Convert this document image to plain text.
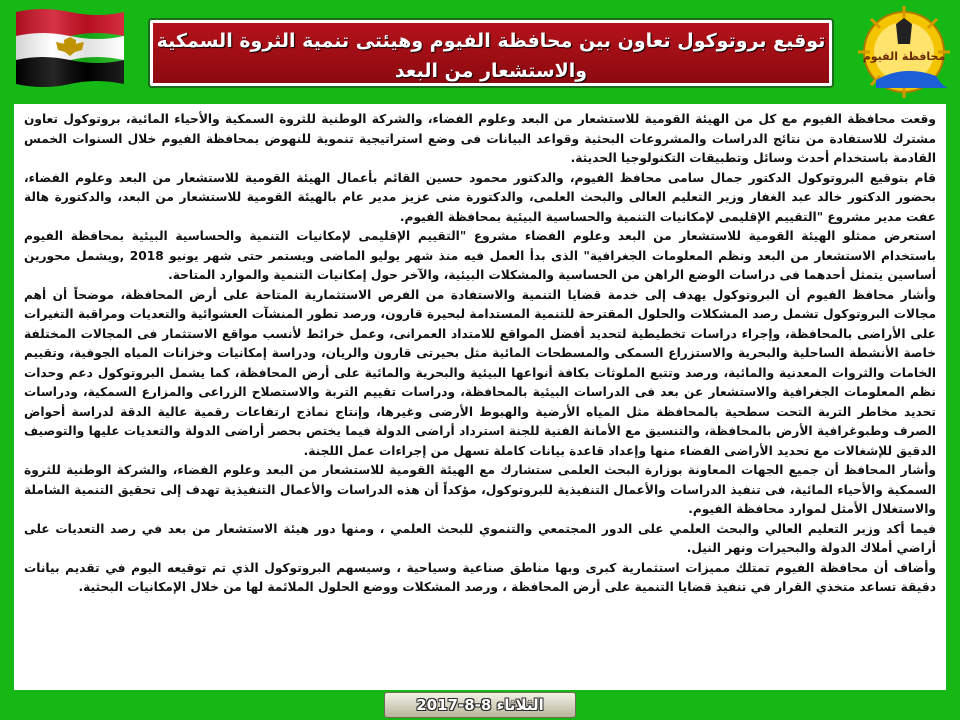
توقيع بروتوكول تعاون بين محافظة الفيوم وهيئتى تنمية الثروة السمكية
والاستشعار من البعد
محافظة الفيوم

وقعت محافظة الفيوم مع كل من الهيئة القومية للاستشعار من البعد وعلوم الفضاء، والشركة الوطنية للثروة السمكية والأحياء المائية، بروتوكول تعاون مشترك للاستفادة من نتائج الدراسات والمشروعات البحثية وقواعد البيانات فى وضع استراتيجية تنموية للنهوض بمحافظة الفيوم خلال السنوات الخمس القادمة باستخدام أحدث وسائل وتطبيقات التكنولوجيا الحديثة.

قام بتوقيع البروتوكول الدكتور جمال سامى محافظ الفيوم، والدكتور محمود حسين القائم بأعمال الهيئة القومية للاستشعار من البعد وعلوم الفضاء، بحضور الدكتور خالد عبد الغفار وزير التعليم العالى والبحث العلمى، والدكتورة منى عزيز مدير عام بالهيئة القومية للاستشعار من البعد، والدكتورة هالة عفت مدير مشروع "التقييم الإقليمى لإمكانيات التنمية والحساسية البيئية بمحافظة الفيوم.

استعرض ممثلو الهيئة القومية للاستشعار من البعد وعلوم الفضاء مشروع "التقييم الإقليمى لإمكانيات التنمية والحساسية البيئية بمحافظة الفيوم باستخدام الاستشعار من البعد ونظم المعلومات الجغرافية" الذى بدأ العمل فيه منذ شهر يوليو الماضى ويستمر حتى شهر يونيو 2018 ,ويشمل محورين أساسين يتمثل أحدهما فى دراسات الوضع الراهن من الحساسية والمشكلات البيئية، والآخر حول إمكانيات التنمية والموارد المتاحة.

وأشار محافظ الفيوم أن البروتوكول يهدف إلى خدمة قضايا التنمية والاستفادة من الفرص الاستثمارية المتاحة على أرض المحافظة، موضحاً أن أهم مجالات البروتوكول تشمل رصد المشكلات والحلول المقترحة للتنمية المستدامة لبحيرة قارون، ورصد تطور المنشآت العشوائية والتعديات ومراقبة التغيرات على الأراضى بالمحافظة، وإجراء دراسات تخطيطية لتحديد أفضل المواقع للامتداد العمرانى، وعمل خرائط لأنسب مواقع الاستثمار فى المجالات المختلفة خاصة الأنشطة الساحلية والبحرية والاستزراع السمكى والمسطحات المائية مثل بحيرتى قارون والريان، ودراسة إمكانيات وخزانات المياه الجوفية، وتقييم الخامات والثروات المعدنية والمائية، ورصد وتتبع الملوثات بكافة أنواعها البيئية والبحرية والمائية على أرض المحافظة، كما يشمل البروتوكول دعم وحدات نظم المعلومات الجغرافية والاستشعار عن بعد فى الدراسات البيئية بالمحافظة، ودراسات تقييم التربة والاستصلاح الزراعى والمزارع السمكية، ودراسات تحديد مخاطر التربة التحت سطحية بالمحافظة مثل المياه الأرضية والهبوط الأرضى وغيرها، وإنتاج نماذج ارتفاعات رقمية عالية الدقة لدراسة أحواض الصرف وطبوغرافية الأرض بالمحافظة، والتنسيق مع الأمانة الفنية للجنة استرداد أراضى الدولة فيما يختص بحصر أراضى الدولة والتعديات عليها والتوصيف الدقيق للإشغالات مع تحديد الأراضى الفضاء منها وإعداد قاعدة بيانات كاملة تسهل من إجراءات عمل اللجنة.

وأشار المحافظ أن جميع الجهات المعاونة بوزارة البحث العلمى ستشارك مع الهيئة القومية للاستشعار من البعد وعلوم الفضاء، والشركة الوطنية للثروة السمكية والأحياء المائية، فى تنفيذ الدراسات والأعمال التنفيذية للبروتوكول، مؤكداً أن هذه الدراسات والأعمال التنفيذية تهدف إلى تحقيق التنمية الشاملة والاستغلال الأمثل لموارد محافظة الفيوم.

فيما أكد وزير التعليم العالي والبحث العلمي على الدور المجتمعي والتنموي للبحث العلمي ، ومنها دور هيئة الاستشعار من بعد في رصد التعديات على أراضي أملاك الدولة والبحيرات ونهر النيل.

وأضاف أن محافظة الفيوم تمتلك مميزات استثمارية كبرى وبها مناطق صناعية وسياحية ، وسيسهم البروتوكول الذي تم توقيعه اليوم في تقديم بيانات دقيقة تساعد متخذي القرار في تنفيذ قضايا التنمية على أرض المحافظة ، ورصد المشكلات ووضع الحلول الملائمة لها من خلال الإمكانيات البحثية.

الثلاثاء 8-8-2017
